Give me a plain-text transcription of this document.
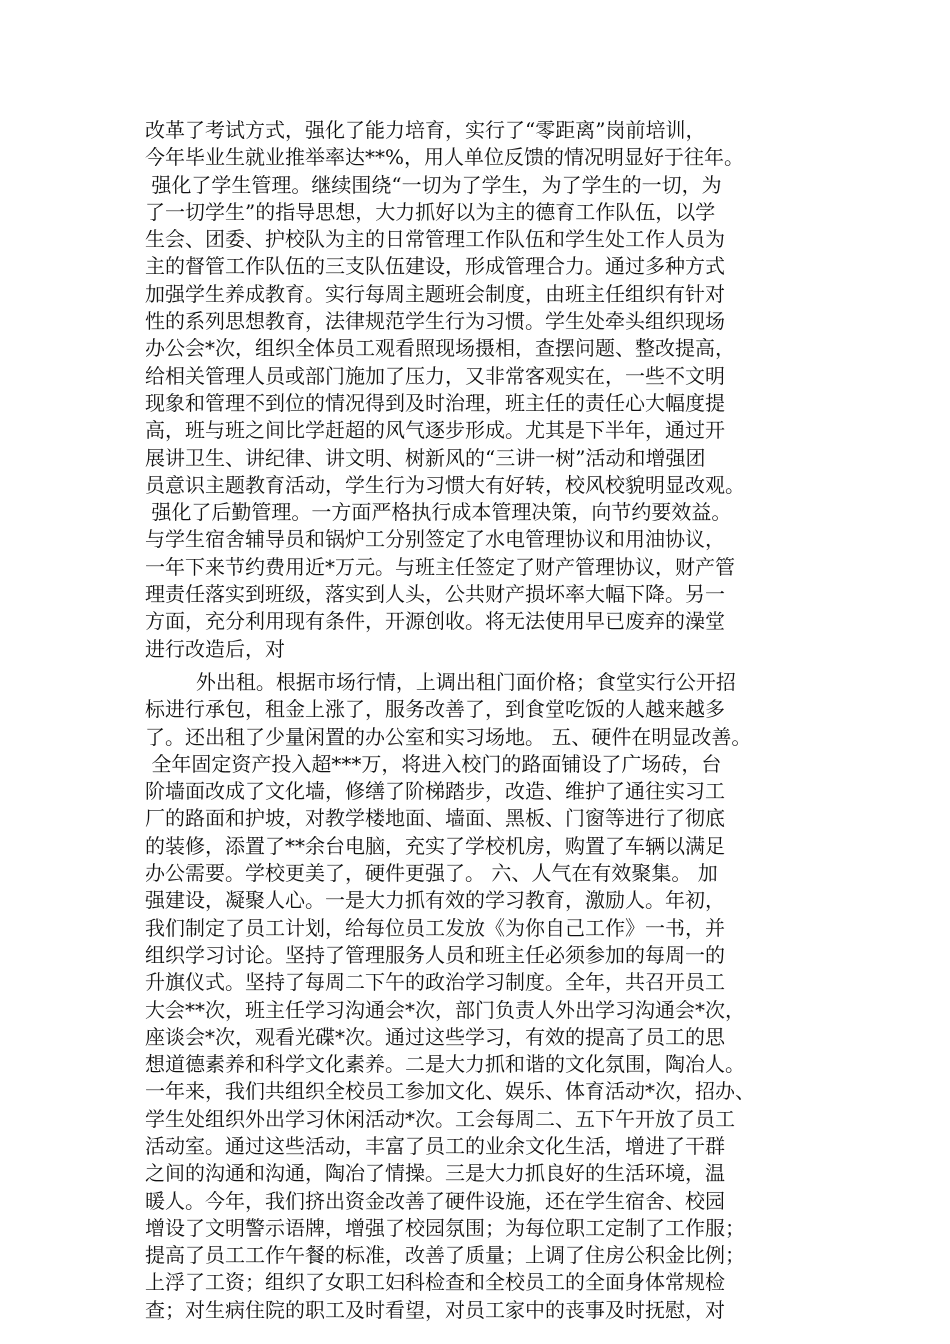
改革了考试方式，强化了能力培育，实行了“零距离”岗前培训，
今年毕业生就业推举率达**%，用人单位反馈的情况明显好于往年。
强化了学生管理。继续围绕“一切为了学生，为了学生的一切，为
了一切学生”的指导思想，大力抓好以为主的德育工作队伍，以学
生会、团委、护校队为主的日常管理工作队伍和学生处工作人员为
主的督管工作队伍的三支队伍建设，形成管理合力。通过多种方式
加强学生养成教育。实行每周主题班会制度，由班主任组织有针对
性的系列思想教育，法律规范学生行为习惯。学生处牵头组织现场
办公会*次，组织全体员工观看照现场摄相，查摆问题、整改提高，
给相关管理人员或部门施加了压力，又非常客观实在，一些不文明
现象和管理不到位的情况得到及时治理，班主任的责任心大幅度提
高，班与班之间比学赶超的风气逐步形成。尤其是下半年，通过开
展讲卫生、讲纪律、讲文明、树新风的“三讲一树”活动和增强团
员意识主题教育活动，学生行为习惯大有好转，校风校貌明显改观。
强化了后勤管理。一方面严格执行成本管理决策，向节约要效益。
与学生宿舍辅导员和锅炉工分别签定了水电管理协议和用油协议，
一年下来节约费用近*万元。与班主任签定了财产管理协议，财产管
理责任落实到班级，落实到人头，公共财产损坏率大幅下降。另一
方面，充分利用现有条件，开源创收。将无法使用早已废弃的澡堂
进行改造后，对
外出租。根据市场行情，上调出租门面价格；食堂实行公开招
标进行承包，租金上涨了，服务改善了，到食堂吃饭的人越来越多
了。还出租了少量闲置的办公室和实习场地。 五、硬件在明显改善。
全年固定资产投入超***万，将进入校门的路面铺设了广场砖，台
阶墙面改成了文化墙，修缮了阶梯踏步，改造、维护了通往实习工
厂的路面和护坡，对教学楼地面、墙面、黑板、门窗等进行了彻底
的装修，添置了**余台电脑，充实了学校机房，购置了车辆以满足
办公需要。学校更美了，硬件更强了。 六、人气在有效聚集。 加
强建设，凝聚人心。一是大力抓有效的学习教育，激励人。年初，
我们制定了员工计划，给每位员工发放《为你自己工作》一书，并
组织学习讨论。坚持了管理服务人员和班主任必须参加的每周一的
升旗仪式。坚持了每周二下午的政治学习制度。全年，共召开员工
大会**次，班主任学习沟通会*次，部门负责人外出学习沟通会*次，
座谈会*次，观看光碟*次。通过这些学习，有效的提高了员工的思
想道德素养和科学文化素养。二是大力抓和谐的文化氛围，陶冶人。
一年来，我们共组织全校员工参加文化、娱乐、体育活动*次，招办、
学生处组织外出学习休闲活动*次。工会每周二、五下午开放了员工
活动室。通过这些活动，丰富了员工的业余文化生活，增进了干群
之间的沟通和沟通，陶冶了情操。三是大力抓良好的生活环境，温
暖人。今年，我们挤出资金改善了硬件设施，还在学生宿舍、校园
增设了文明警示语牌，增强了校园氛围；为每位职工定制了工作服；
提高了员工工作午餐的标准，改善了质量；上调了住房公积金比例；
上浮了工资；组织了女职工妇科检查和全校员工的全面身体常规检
查；对生病住院的职工及时看望，对员工家中的丧事及时抚慰，对
